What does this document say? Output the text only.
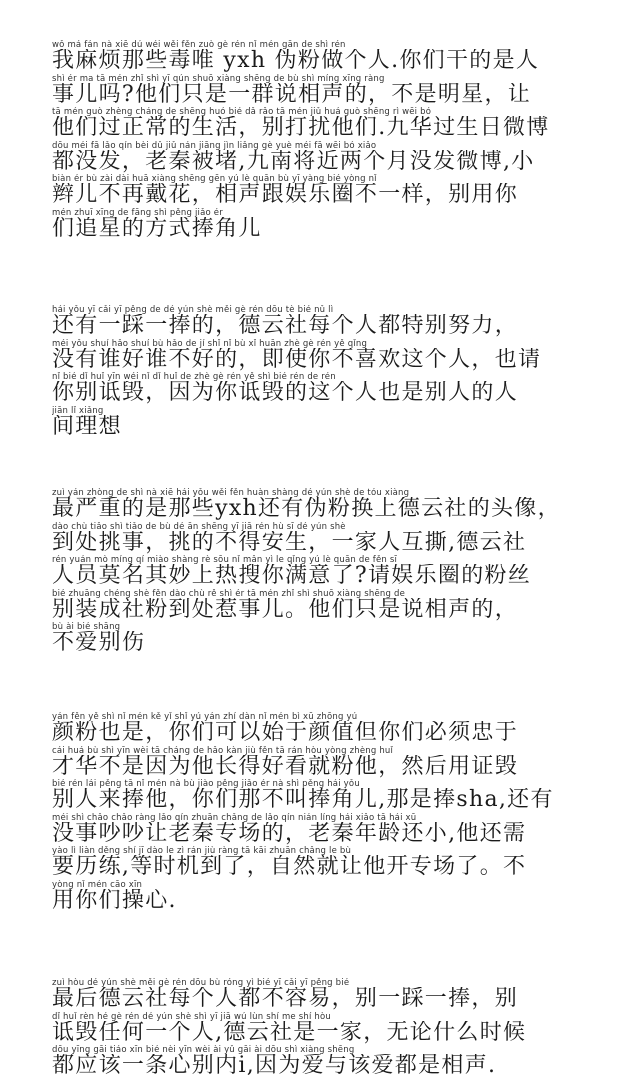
wǒ má fán nà xiē dú wéi wěi fěn zuò gè rén nǐ mén gān de shì rén
我麻烦那些毒唯 yxh 伪粉做个人.你们干的是人
shì ér ma tā mén zhǐ shì yī qún shuō xiàng shēng de bù shì míng xīng ràng
事儿吗?他们只是一群说相声的，不是明星，让
tā mén guò zhèng cháng de shēng huó bié dǎ rǎo tā mén jiǔ huá guò shēng rì wēi bó
他们过正常的生活，别打扰他们.九华过生日微博
dōu méi fā lǎo qín bèi dǔ jiǔ nán jiāng jìn liǎng gè yuè méi fā wēi bó xiǎo
都没发，老秦被堵,九南将近两个月没发微博,小
biàn ér bù zài dài huā xiàng shēng gēn yú lè quān bù yī yàng bié yòng nǐ
辫儿不再戴花，相声跟娱乐圈不一样，别用你
mén zhuī xīng de fāng shì pěng jiǎo ér
们追星的方式捧角儿
hái yǒu yī cǎi yī pěng de dé yún shè měi gè rén dōu tè bié nǔ lì
还有一踩一捧的，德云社每个人都特别努力，
méi yǒu shuí hǎo shuí bù hǎo de jí shǐ nǐ bù xǐ huān zhè gè rén yě qǐng
没有谁好谁不好的，即使你不喜欢这个人，也请
nǐ bié dǐ huǐ yīn wéi nǐ dǐ huǐ de zhè gè rén yě shì bié rén de rén
你别诋毁，因为你诋毁的这个人也是别人的人
jiān lǐ xiǎng
间理想
zuì yán zhòng de shì nà xiē hái yǒu wěi fěn huàn shàng dé yún shè de tóu xiàng
最严重的是那些yxh还有伪粉换上德云社的头像，
dào chù tiǎo shì tiǎo de bù dé ān shēng yī jiā rén hù sī dé yún shè
到处挑事，挑的不得安生，一家人互撕,德云社
rén yuán mò míng qí miào shàng rè sōu nǐ mǎn yì le qǐng yú lè quān de fěn sī
人员莫名其妙上热搜你满意了?请娱乐圈的粉丝
bié zhuāng chéng shè fěn dào chù rě shì ér tā mén zhǐ shì shuō xiàng shēng de
别装成社粉到处惹事儿。他们只是说相声的，
bù ài bié shāng
不爱别伤
yán fěn yě shì nǐ mén kě yǐ shǐ yú yán zhí dàn nǐ mén bì xū zhōng yú
颜粉也是，你们可以始于颜值但你们必须忠于
cái huá bù shì yīn wèi tā cháng de hǎo kàn jiù fěn tā rán hòu yòng zhèng huǐ
才华不是因为他长得好看就粉他，然后用证毁
bié rén lái pěng tā nǐ mén nà bù jiào pěng jiǎo ér nà shì pěng hái yǒu
别人来捧他，你们那不叫捧角儿,那是捧sha,还有
méi shì chǎo chǎo ràng lǎo qín zhuān chǎng de lǎo qín nián líng hái xiǎo tā hái xū
没事吵吵让老秦专场的，老秦年龄还小,他还需
yào lì liàn děng shí jī dào le zì rán jiù ràng tā kāi zhuān chǎng le bù
要历练,等时机到了，自然就让他开专场了。不
yòng nǐ mén cāo xīn
用你们操心.
zuì hòu dé yún shè měi gè rén dōu bù róng yì bié yī cǎi yī pěng bié
最后德云社每个人都不容易，别一踩一捧，别
dǐ huǐ rèn hé gè rén dé yún shè shì yī jiā wú lùn shí me shí hòu
诋毁任何一个人,德云社是一家，无论什么时候
dōu yīng gāi tiáo xīn bié nèi yīn wèi ài yǔ gāi ài dōu shì xiàng shēng
都应该一条心别内i,因为爱与该爱都是相声.
